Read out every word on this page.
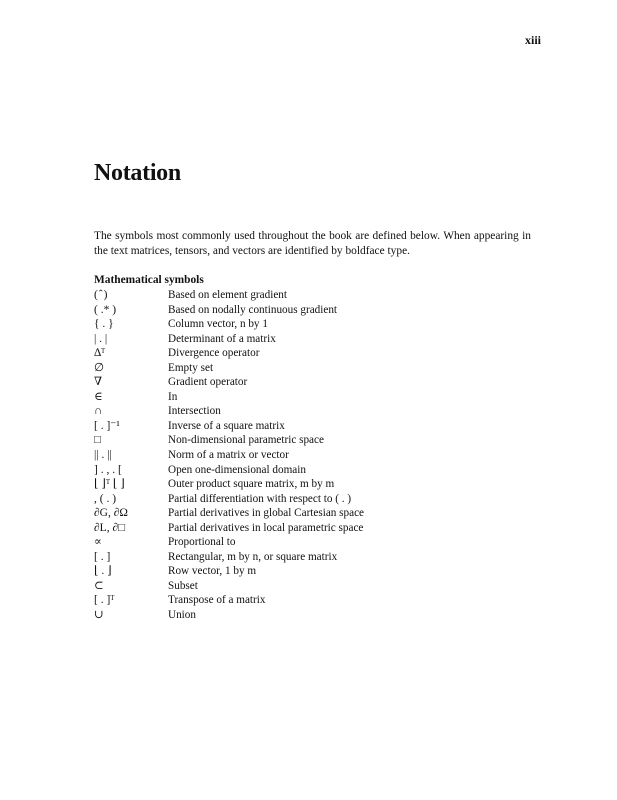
xiii
Notation

The symbols most commonly used throughout the book are defined below. When appearing in the text matrices, tensors, and vectors are identified by boldface type.

Mathematical symbols
( ̂ )	Based on element gradient
( .* )	Based on nodally continuous gradient
{ . }	Column vector, n by 1
| . |	Determinant of a matrix
∆ᵀ	Divergence operator
∅	Empty set
∇	Gradient operator
∈	In
∩	Intersection
[ . ]⁻¹	Inverse of a square matrix
□	Non-dimensional parametric space
|| . ||	Norm of a matrix or vector
] . , . [	Open one-dimensional domain
⌊ ⌋ᵀ ⌊ ⌋	Outer product square matrix, m by m
, ( . )	Partial differentiation with respect to ( . )
∂G, ∂Ω	Partial derivatives in global Cartesian space
∂L, ∂□	Partial derivatives in local parametric space
∝	Proportional to
[ . ]	Rectangular, m by n, or square matrix
⌊ . ⌋	Row vector, 1 by m
⊂	Subset
[ . ]ᵀ	Transpose of a matrix
∪	Union
